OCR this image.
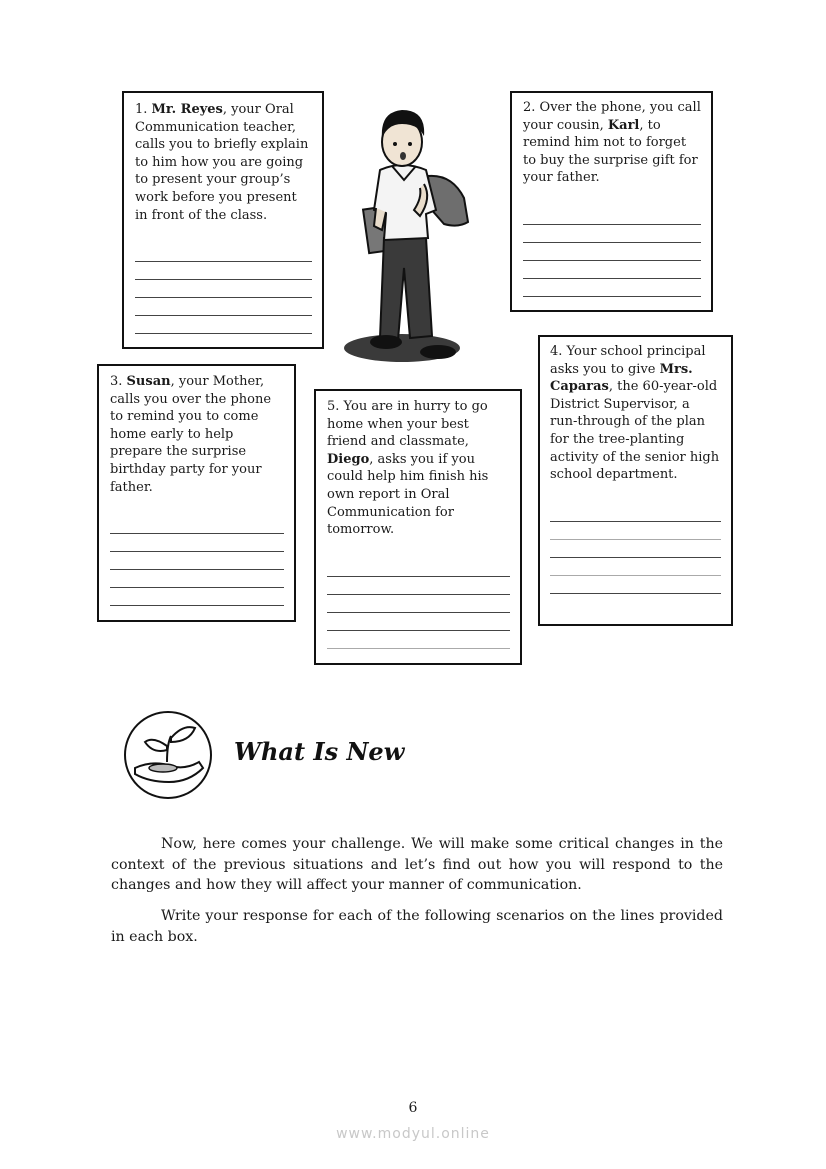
1. Mr. Reyes, your Oral Communication teacher, calls you to briefly explain to him how you are going to present your group’s work before you present in front of the class.

2. Over the phone, you call your cousin, Karl, to remind him not to forget to buy the surprise gift for your father.

3. Susan, your Mother, calls you over the phone to remind you to come home early to help prepare the surprise birthday party for your father.

5. You are in hurry to go home when your best friend and classmate, Diego, asks you if you could help him finish his own report in Oral Communication for tomorrow.

4. Your school principal asks you to give Mrs. Caparas, the 60-year-old District Supervisor, a run-through of the plan for the tree-planting activity of the senior high school department.

What Is New

Now, here comes your challenge. We will make some critical changes in the context of the previous situations and let’s find out how you will respond to the changes and how they will affect your manner of communication.

Write your response for each of the following scenarios on the lines provided in each box.

6
www.modyul.online
